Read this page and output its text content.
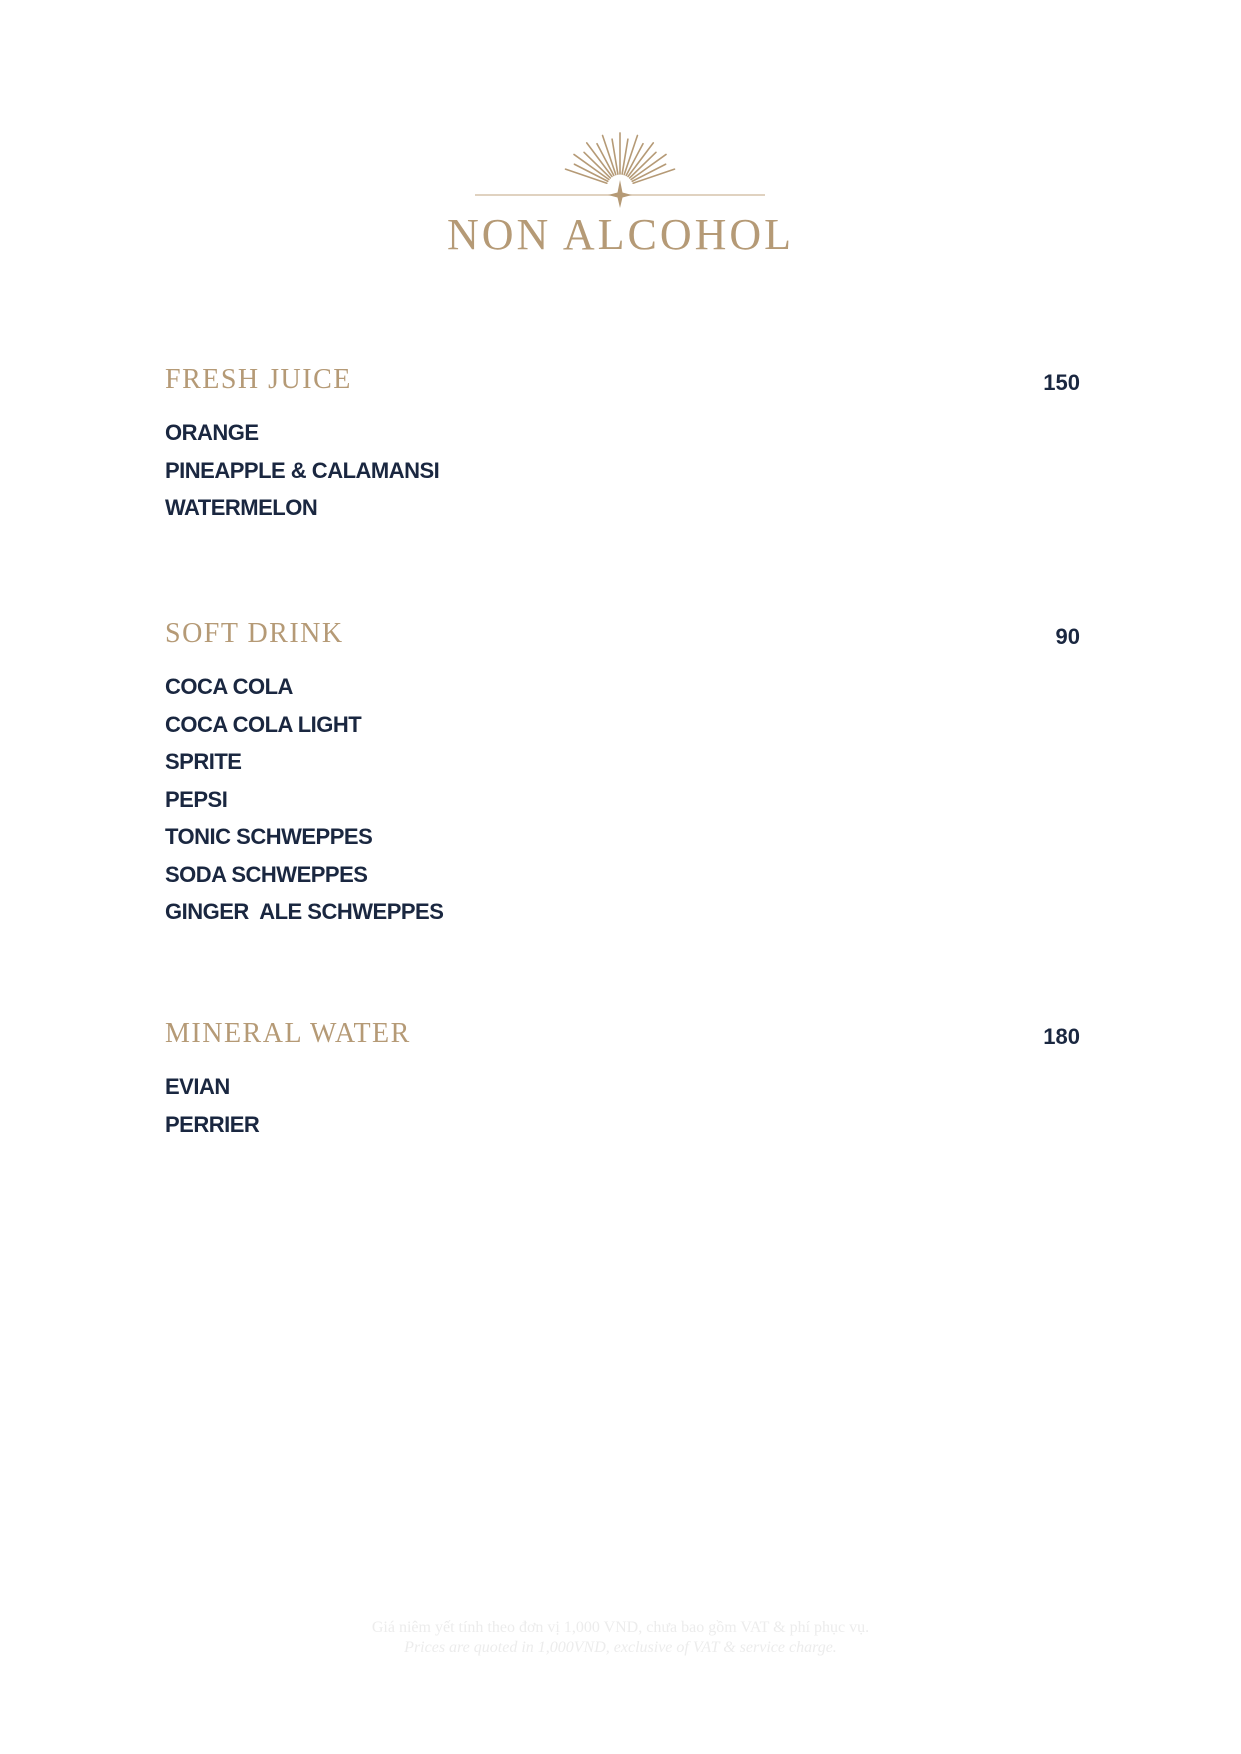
NON ALCOHOL
FRESH JUICE	150
ORANGE
PINEAPPLE & CALAMANSI
WATERMELON
SOFT DRINK	90
COCA COLA
COCA COLA LIGHT
SPRITE
PEPSI
TONIC SCHWEPPES
SODA SCHWEPPES
GINGER  ALE SCHWEPPES
MINERAL WATER	180
EVIAN
PERRIER
Giá niêm yết tính theo đơn vị 1,000 VND, chưa bao gồm VAT & phí phục vụ.
Prices are quoted in 1,000VND, exclusive of VAT & service charge.
